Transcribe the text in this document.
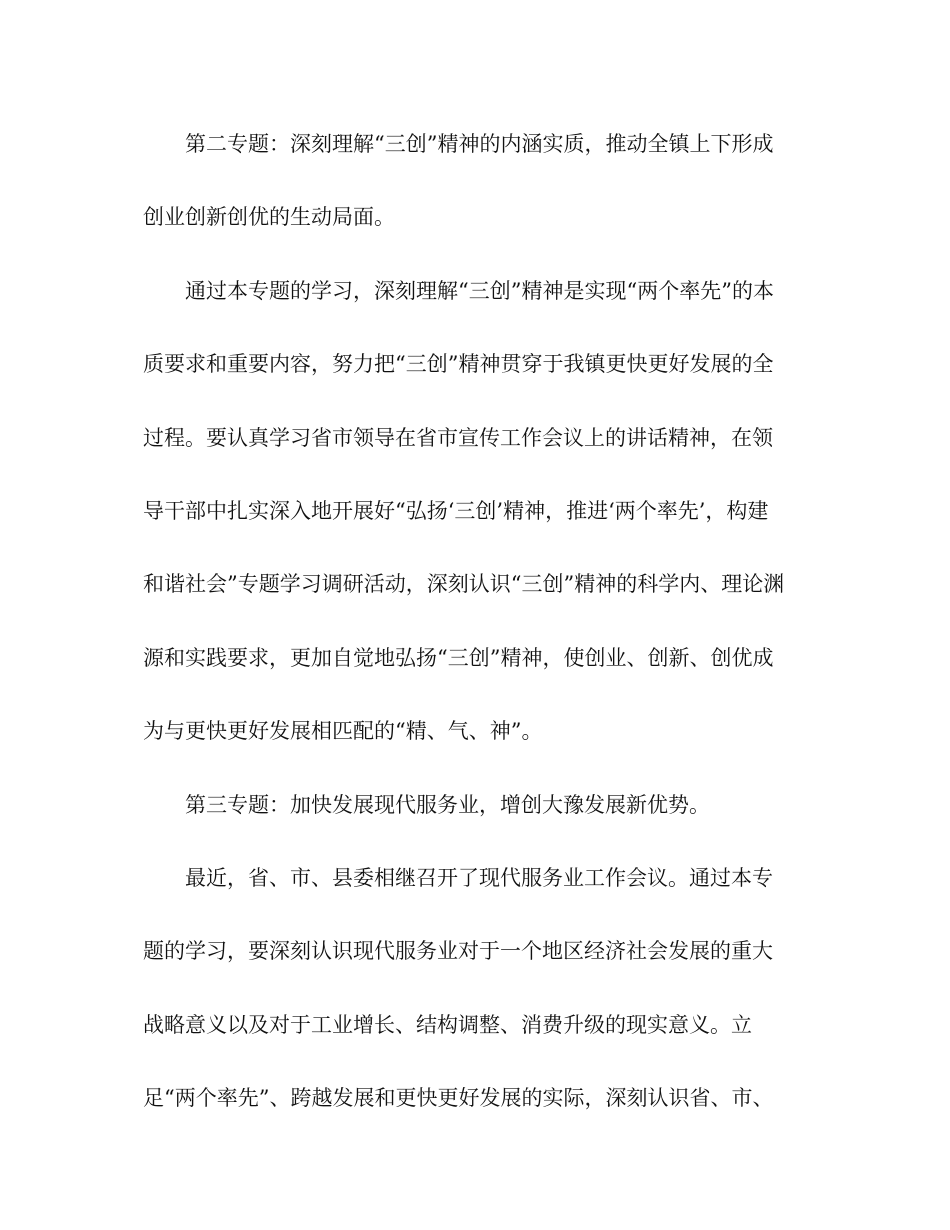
　　第二专题：深刻理解“三创”精神的内涵实质，推动全镇上下形成

创业创新创优的生动局面。

　　通过本专题的学习，深刻理解“三创”精神是实现“两个率先”的本

质要求和重要内容，努力把“三创”精神贯穿于我镇更快更好发展的全

过程。要认真学习省市领导在省市宣传工作会议上的讲话精神，在领

导干部中扎实深入地开展好“弘扬‘三创’精神，推进‘两个率先’，构建

和谐社会”专题学习调研活动，深刻认识“三创”精神的科学内、理论渊

源和实践要求，更加自觉地弘扬“三创”精神，使创业、创新、创优成

为与更快更好发展相匹配的“精、气、神”。

　　第三专题：加快发展现代服务业，增创大豫发展新优势。

　　最近，省、市、县委相继召开了现代服务业工作会议。通过本专

题的学习，要深刻认识现代服务业对于一个地区经济社会发展的重大

战略意义以及对于工业增长、结构调整、消费升级的现实意义。立

足“两个率先”、跨越发展和更快更好发展的实际，深刻认识省、市、
